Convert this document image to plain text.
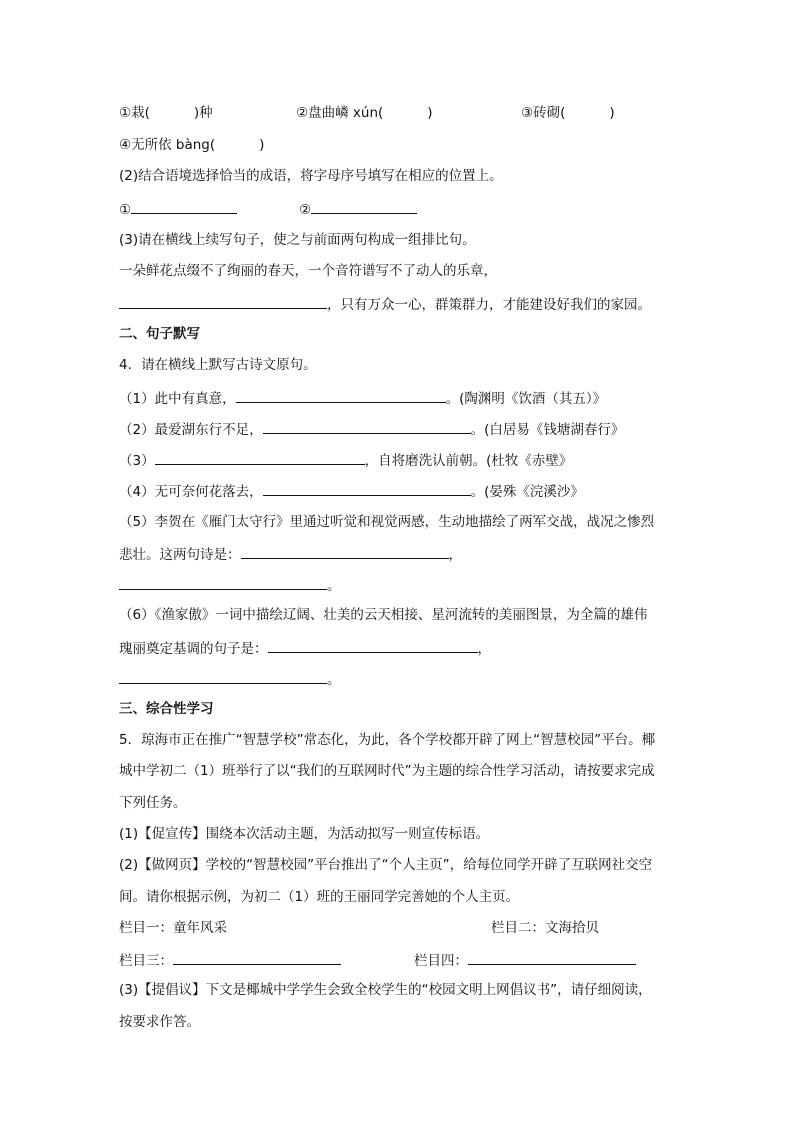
①栽(	)种	②盘曲嶙 xún(	)	③砖砌(	)
④无所依 bàng(	)
(2)结合语境选择恰当的成语，将字母序号填写在相应的位置上。
①	②
(3)请在横线上续写句子，使之与前面两句构成一组排比句。
一朵鲜花点缀不了绚丽的春天，一个音符谱写不了动人的乐章，
，只有万众一心，群策群力，才能建设好我们的家园。
二、句子默写
4．请在横线上默写古诗文原句。
（1）此中有真意，	。(陶渊明《饮酒（其五）》
（2）最爱湖东行不足，	。(白居易《钱塘湖春行》
（3）	，自将磨洗认前朝。(杜牧《赤壁》
（4）无可奈何花落去，	。(晏殊《浣溪沙》
（5）李贺在《雁门太守行》里通过听觉和视觉两感，生动地描绘了两军交战，战况之惨烈
悲壮。这两句诗是：	，
。
（6）《渔家傲》一词中描绘辽阔、壮美的云天相接、星河流转的美丽图景，为全篇的雄伟
瑰丽奠定基调的句子是：	，
。
三、综合性学习
5．琼海市正在推广“智慧学校”常态化，为此，各个学校都开辟了网上“智慧校园”平台。椰
城中学初二（1）班举行了以“我们的互联网时代”为主题的综合性学习活动，请按要求完成
下列任务。
(1)【促宣传】围绕本次活动主题，为活动拟写一则宣传标语。
(2)【做网页】学校的“智慧校园”平台推出了“个人主页”，给每位同学开辟了互联网社交空
间。请你根据示例，为初二（1）班的王丽同学完善她的个人主页。
栏目一：童年风采	栏目二：文海拾贝
栏目三：	栏目四：
(3)【提倡议】下文是椰城中学学生会致全校学生的“校园文明上网倡议书”，请仔细阅读，
按要求作答。
